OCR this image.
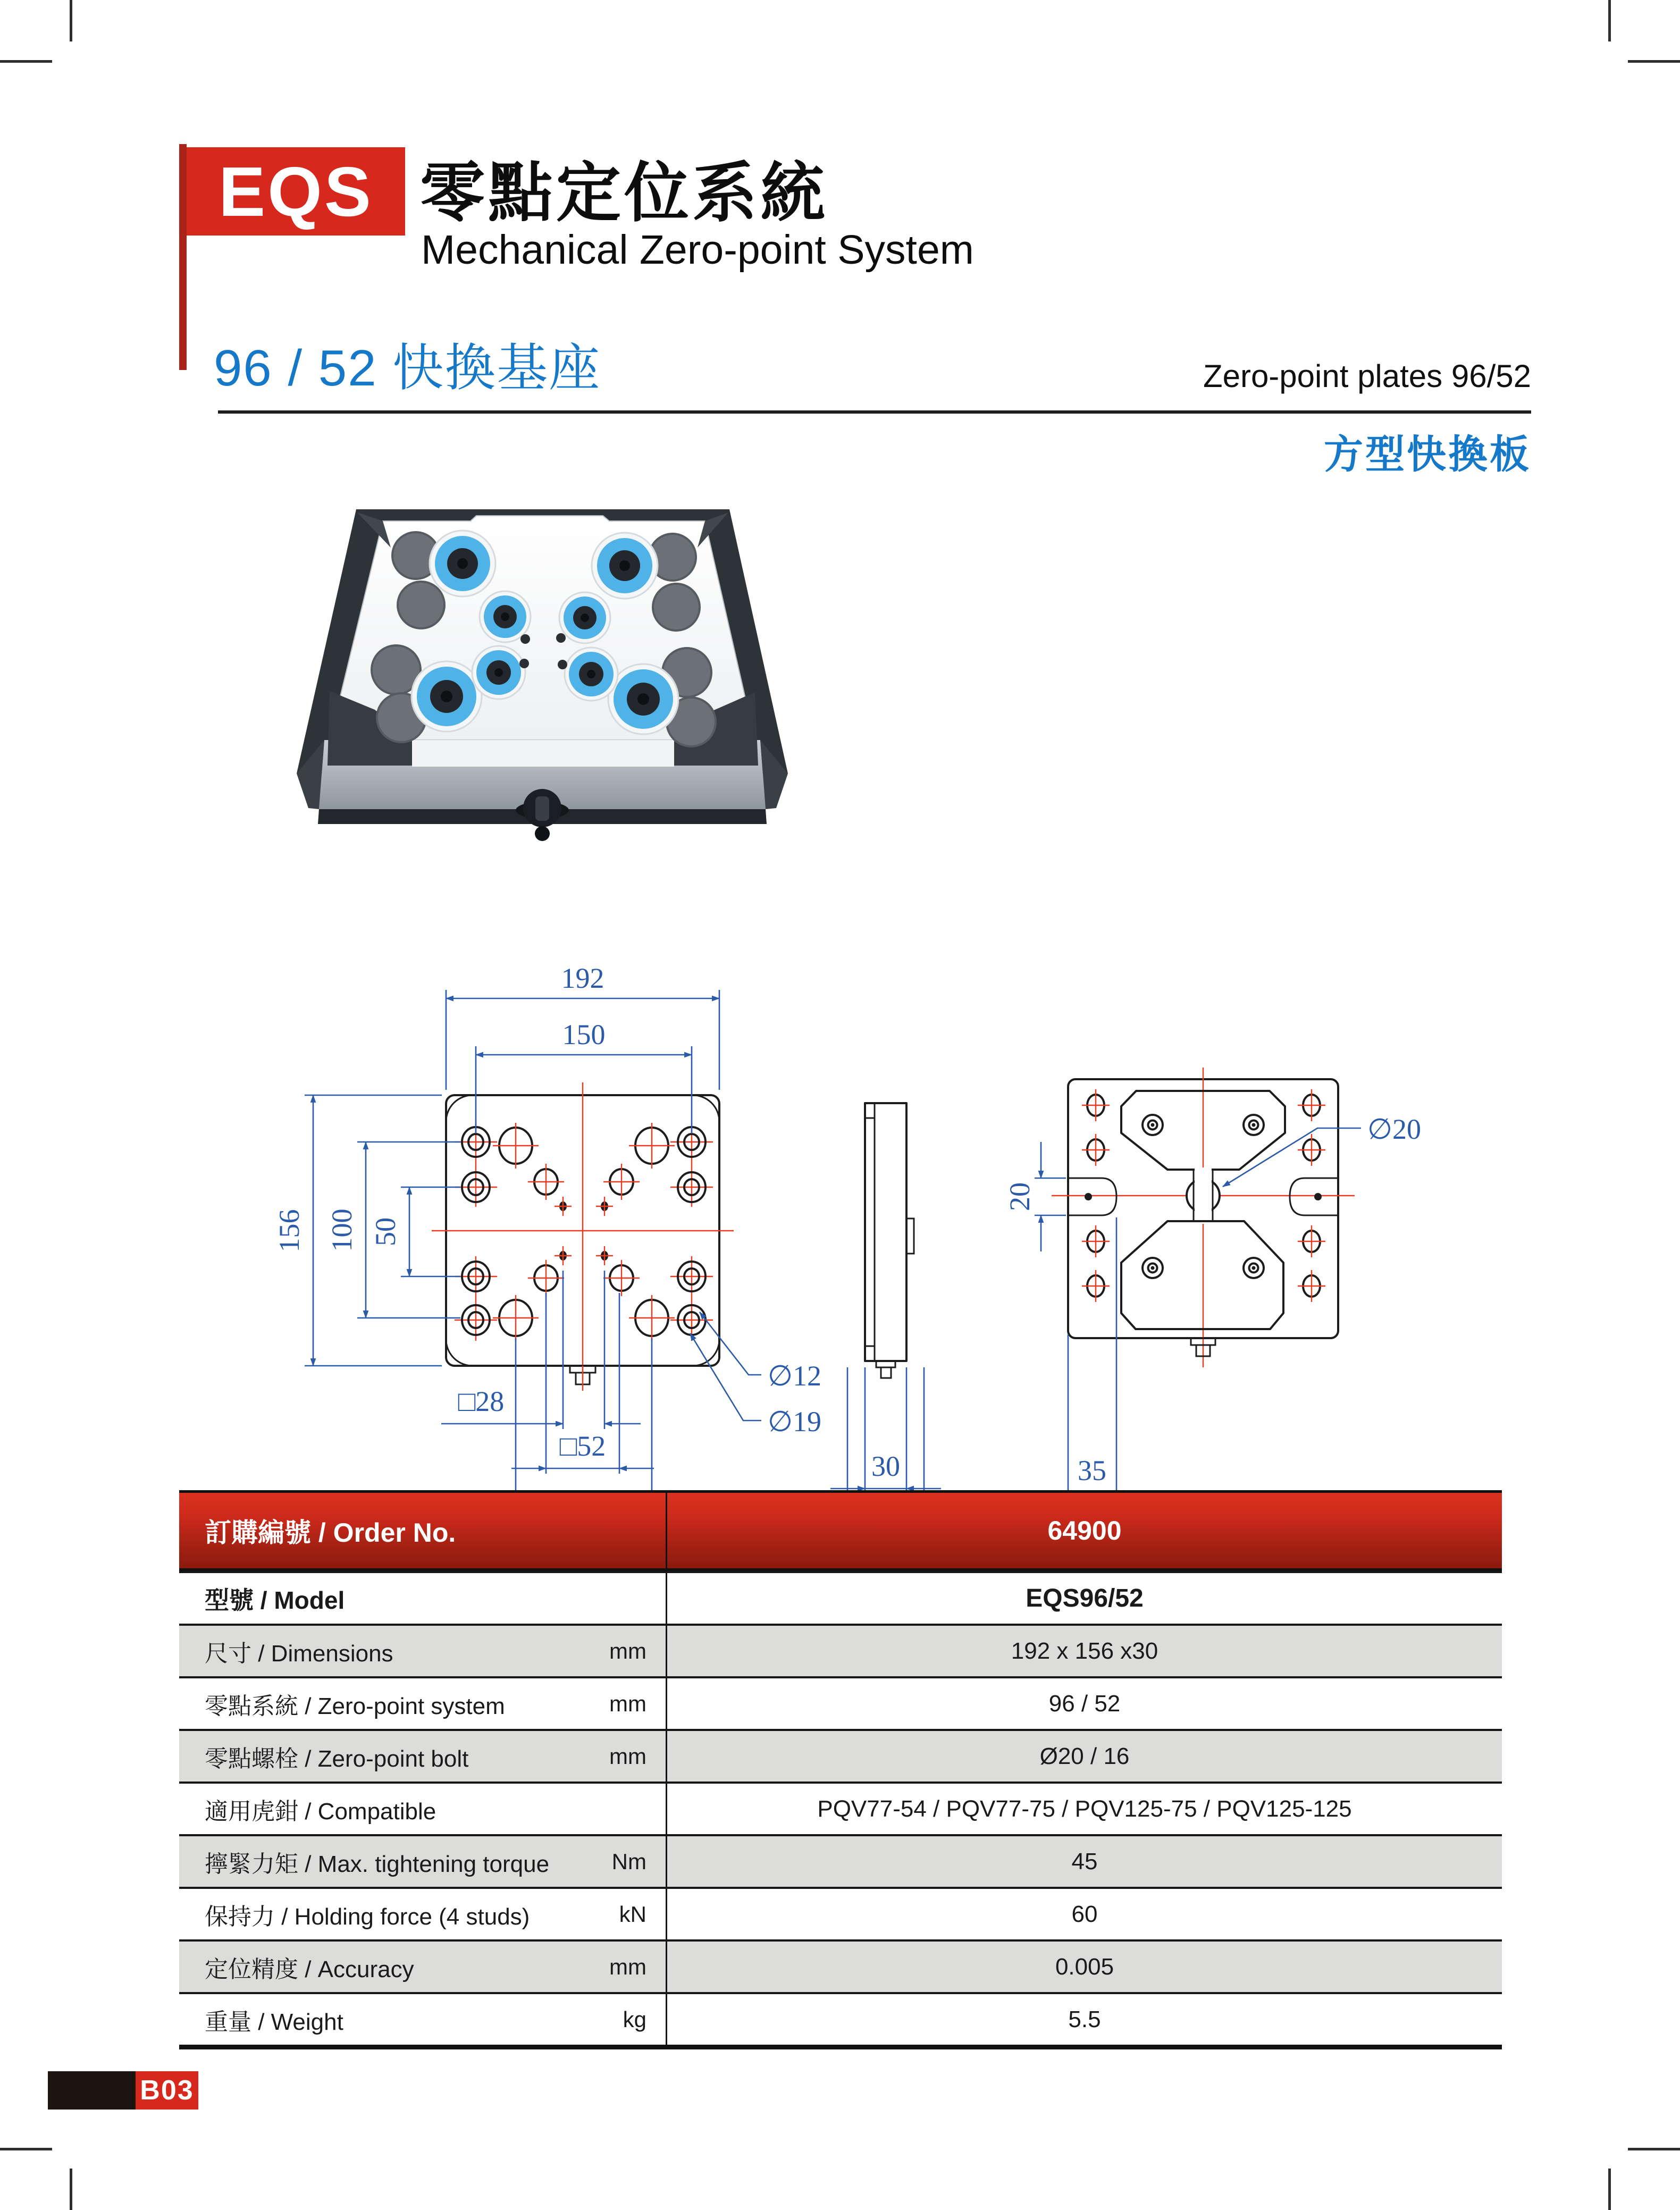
EQS 零點定位系統
Mechanical Zero-point System
96 / 52 快換基座	Zero-point plates 96/52
方型快換板
192
150
156 100 50
□28
□52
∅12
∅19
30
∅20
20
35
訂購編號 / Order No.	64900
型號 / Model	EQS96/52
尺寸 / Dimensions	mm	192 x 156 x30
零點系統 / Zero-point system	mm	96 / 52
零點螺栓 / Zero-point bolt	mm	Ø20 / 16
適用虎鉗 / Compatible	PQV77-54 / PQV77-75 / PQV125-75 / PQV125-125
擰緊力矩 / Max. tightening torque	Nm	45
保持力 / Holding force (4 studs)	kN	60
定位精度 / Accuracy	mm	0.005
重量 / Weight	kg	5.5
B03
